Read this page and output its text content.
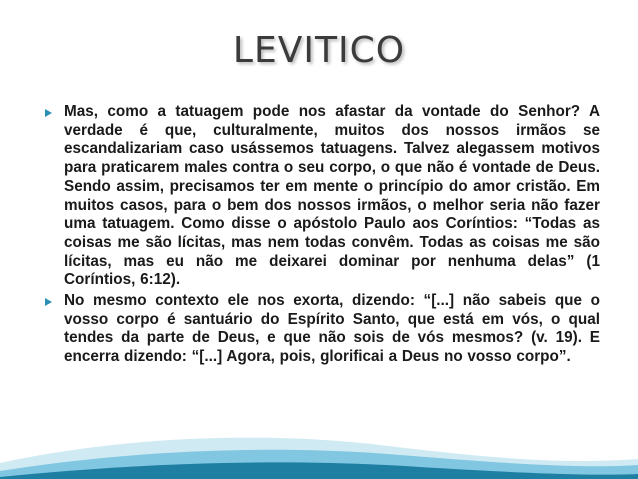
LEVITICO
Mas, como a tatuagem pode nos afastar da vontade do Senhor? A verdade é que, culturalmente, muitos dos nossos irmãos se escandalizariam caso usássemos tatuagens. Talvez alegassem motivos para praticarem males contra o seu corpo, o que não é vontade de Deus. Sendo assim, precisamos ter em mente o princípio do amor cristão. Em muitos casos, para o bem dos nossos irmãos, o melhor seria não fazer uma tatuagem. Como disse o apóstolo Paulo aos Coríntios: “Todas as coisas me são lícitas, mas nem todas convêm. Todas as coisas me são lícitas, mas eu não me deixarei dominar por nenhuma delas” (1 Coríntios, 6:12).
No mesmo contexto ele nos exorta, dizendo: “[...] não sabeis que o vosso corpo é santuário do Espírito Santo, que está em vós, o qual tendes da parte de Deus, e que não sois de vós mesmos? (v. 19). E encerra dizendo: “[...] Agora, pois, glorificai a Deus no vosso corpo”.
